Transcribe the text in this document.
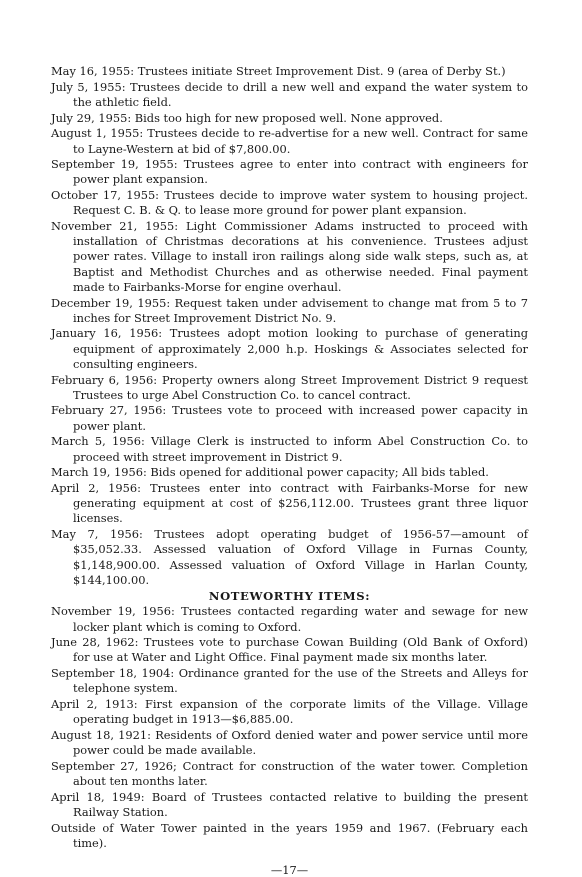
May 16, 1955: Trustees initiate Street Improvement Dist. 9 (area of Derby St.)

July 5, 1955: Trustees decide to drill a new well and expand the water system to the athletic field.

July 29, 1955: Bids too high for new proposed well. None approved.

August 1, 1955: Trustees decide to re-advertise for a new well. Contract for same to Layne-Western at bid of $7,800.00.

September 19, 1955: Trustees agree to enter into contract with engineers for power plant expansion.

October 17, 1955: Trustees decide to improve water system to housing project. Request C. B. & Q. to lease more ground for power plant expansion.

November 21, 1955: Light Commissioner Adams instructed to proceed with installation of Christmas decorations at his convenience. Trustees adjust power rates. Village to install iron railings along side walk steps, such as, at Baptist and Methodist Churches and as otherwise needed. Final payment made to Fairbanks-Morse for engine overhaul.

December 19, 1955: Request taken under advisement to change mat from 5 to 7 inches for Street Improvement District No. 9.

January 16, 1956: Trustees adopt motion looking to purchase of generating equipment of approximately 2,000 h.p. Hoskings & Associates selected for consulting engineers.

February 6, 1956: Property owners along Street Improvement District 9 request Trustees to urge Abel Construction Co. to cancel contract.

February 27, 1956: Trustees vote to proceed with increased power capacity in power plant.

March 5, 1956: Village Clerk is instructed to inform Abel Construction Co. to proceed with street improvement in District 9.

March 19, 1956: Bids opened for additional power capacity; All bids tabled.

April 2, 1956: Trustees enter into contract with Fairbanks-Morse for new generating equipment at cost of $256,112.00. Trustees grant three liquor licenses.

May 7, 1956: Trustees adopt operating budget of 1956-57—amount of $35,052.33. Assessed valuation of Oxford Village in Furnas County, $1,148,900.00. Assessed valuation of Oxford Village in Harlan County, $144,100.00.

NOTEWORTHY ITEMS:

November 19, 1956: Trustees contacted regarding water and sewage for new locker plant which is coming to Oxford.

June 28, 1962: Trustees vote to purchase Cowan Building (Old Bank of Oxford) for use at Water and Light Office. Final payment made six months later.

September 18, 1904: Ordinance granted for the use of the Streets and Alleys for telephone system.

April 2, 1913: First expansion of the corporate limits of the Village. Village operating budget in 1913—$6,885.00.

August 18, 1921: Residents of Oxford denied water and power service until more power could be made available.

September 27, 1926; Contract for construction of the water tower. Completion about ten months later.

April 18, 1949: Board of Trustees contacted relative to building the present Railway Station.

Outside of Water Tower painted in the years 1959 and 1967. (February each time).

—17—
